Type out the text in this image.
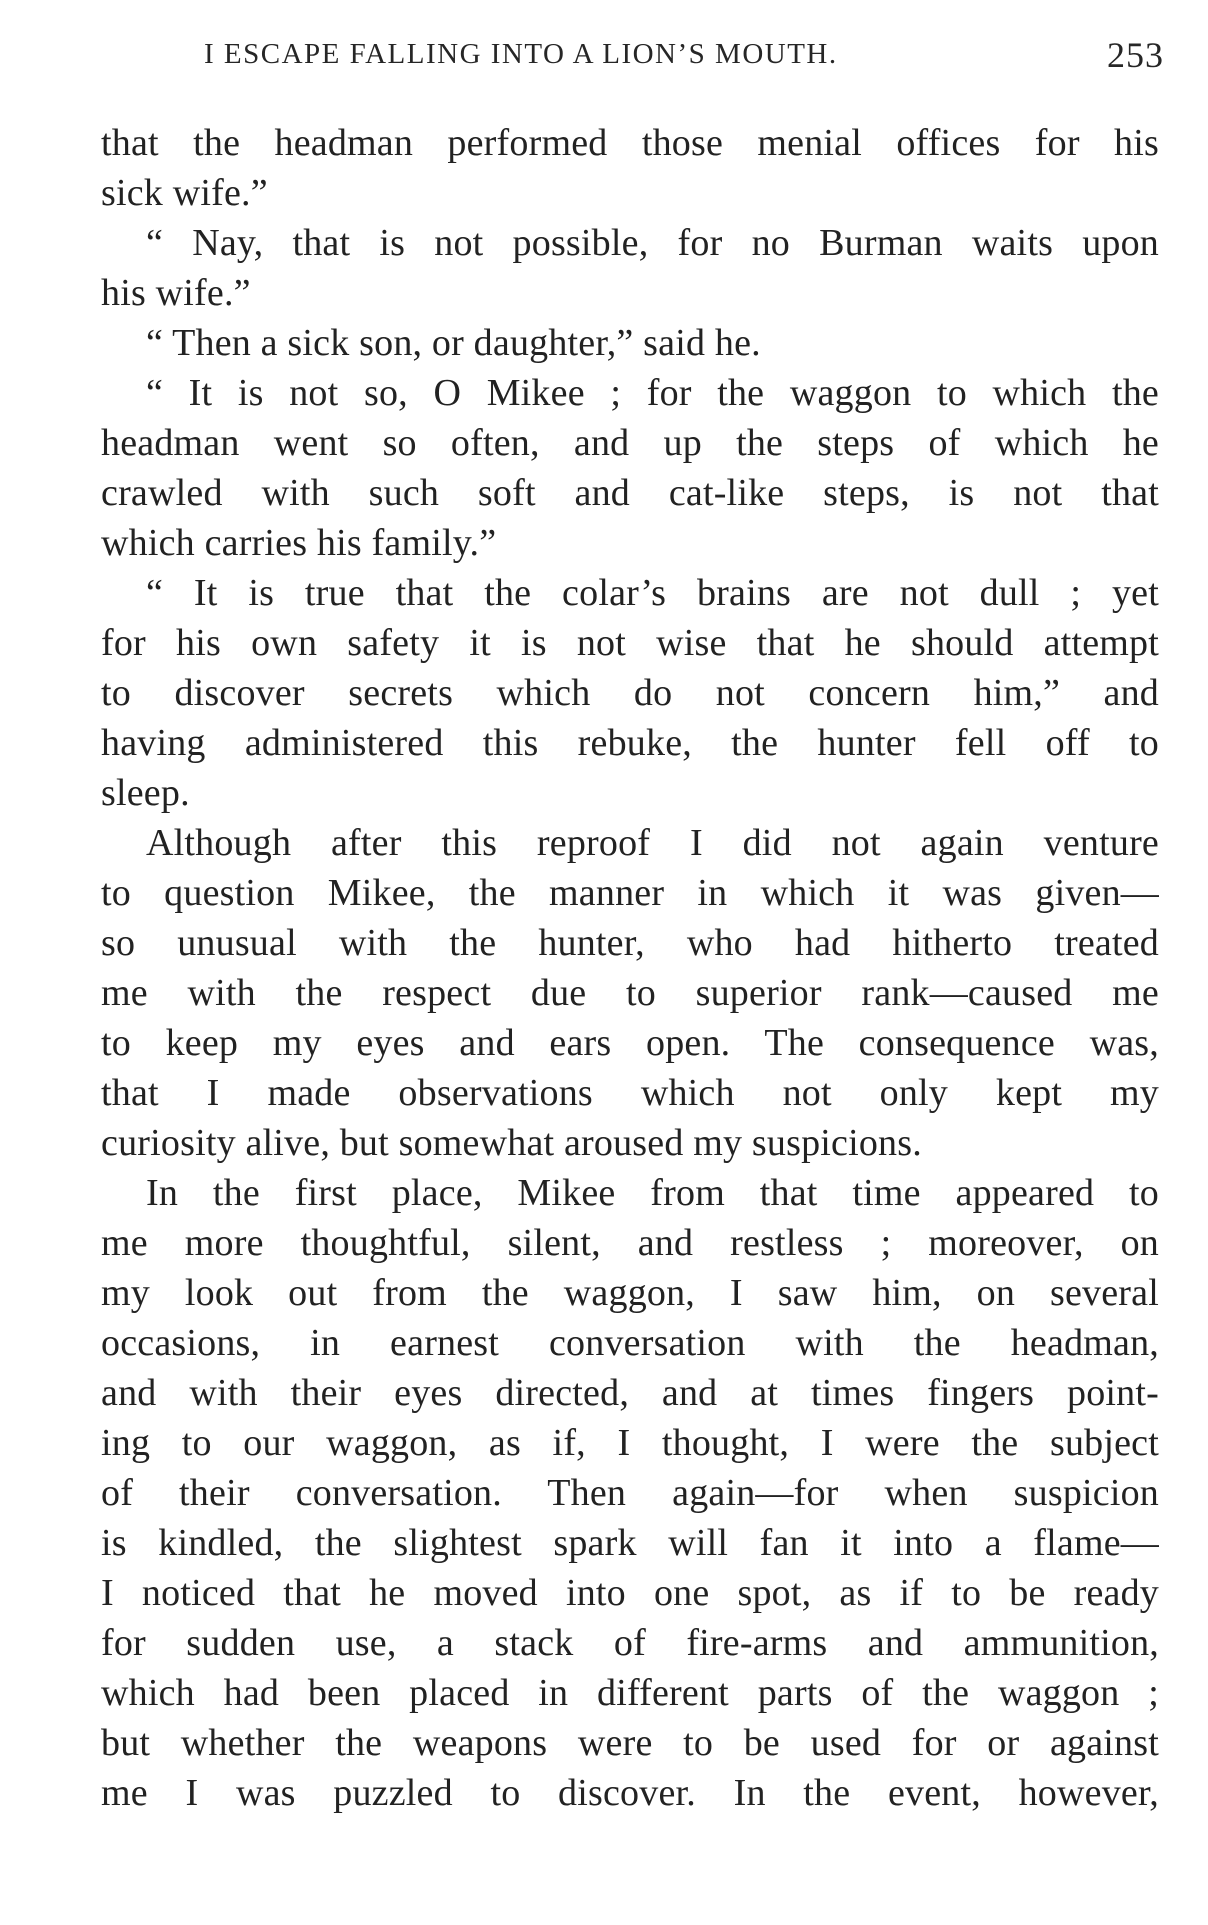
I ESCAPE FALLING INTO A LION’S MOUTH.	253
that the headman performed those menial offices for his
sick wife.”
“ Nay, that is not possible, for no Burman waits upon
his wife.”
“ Then a sick son, or daughter,” said he.
“ It is not so, O Mikee ; for the waggon to which the
headman went so often, and up the steps of which he
crawled with such soft and cat-like steps, is not that
which carries his family.”
“ It is true that the colar’s brains are not dull ; yet
for his own safety it is not wise that he should attempt
to discover secrets which do not concern him,” and
having administered this rebuke, the hunter fell off to
sleep.
Although after this reproof I did not again venture
to question Mikee, the manner in which it was given—
so unusual with the hunter, who had hitherto treated
me with the respect due to superior rank—caused me
to keep my eyes and ears open. The consequence was,
that I made observations which not only kept my
curiosity alive, but somewhat aroused my suspicions.
In the first place, Mikee from that time appeared to
me more thoughtful, silent, and restless ; moreover, on
my look out from the waggon, I saw him, on several
occasions, in earnest conversation with the headman,
and with their eyes directed, and at times fingers point-
ing to our waggon, as if, I thought, I were the subject
of their conversation. Then again—for when suspicion
is kindled, the slightest spark will fan it into a flame—
I noticed that he moved into one spot, as if to be ready
for sudden use, a stack of fire-arms and ammunition,
which had been placed in different parts of the waggon ;
but whether the weapons were to be used for or against
me I was puzzled to discover. In the event, however,
